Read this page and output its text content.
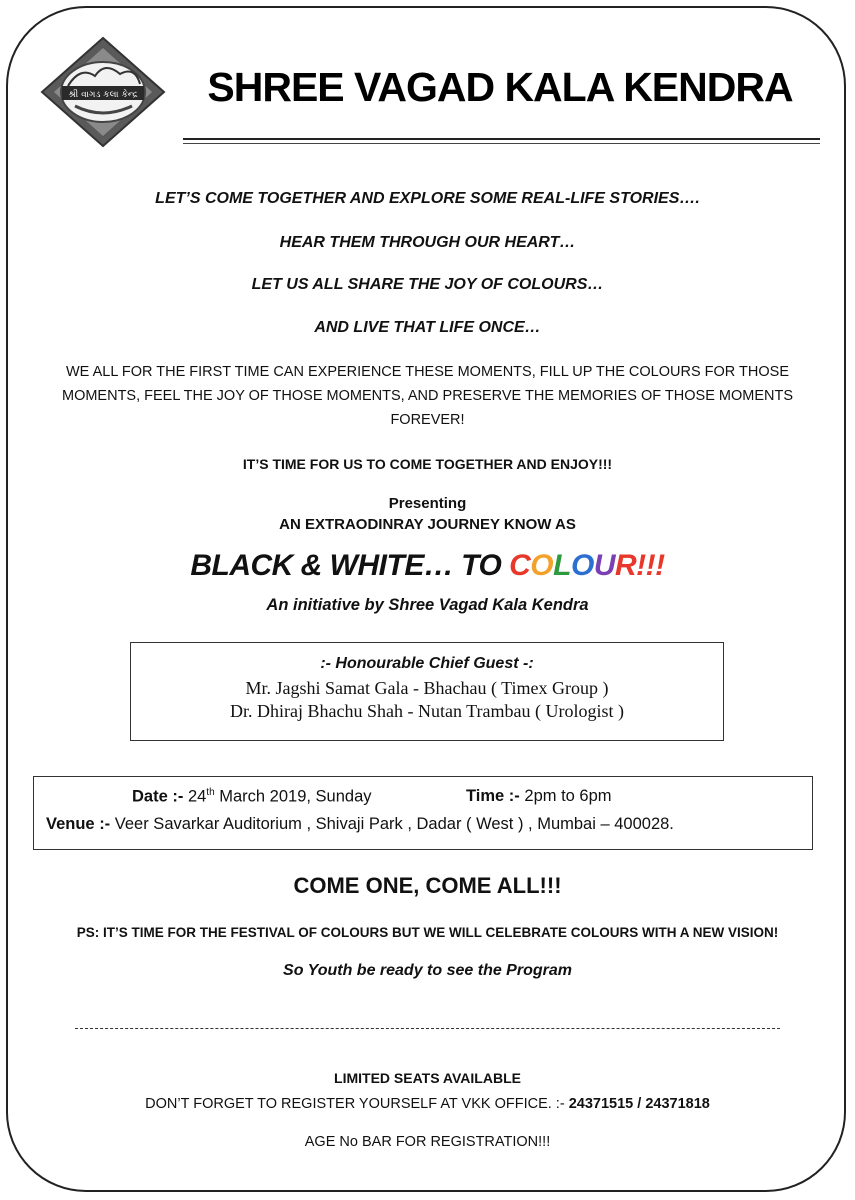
શ્રી વાગડ કલા કેન્દ્ર	SHREE VAGAD KALA KENDRA
LET’S COME TOGETHER AND EXPLORE SOME REAL-LIFE STORIES….
HEAR THEM THROUGH OUR HEART…
LET US ALL SHARE THE JOY OF COLOURS…
AND LIVE THAT LIFE ONCE…
WE ALL FOR THE FIRST TIME CAN EXPERIENCE THESE MOMENTS, FILL UP THE COLOURS FOR THOSE MOMENTS, FEEL THE JOY OF THOSE MOMENTS, AND PRESERVE THE MEMORIES OF THOSE MOMENTS FOREVER!
IT’S TIME FOR US TO COME TOGETHER AND ENJOY!!!
Presenting
AN EXTRAODINRAY JOURNEY KNOW AS
BLACK & WHITE… TO COLOUR!!!
An initiative by Shree Vagad Kala Kendra
:- Honourable Chief Guest -:
Mr. Jagshi Samat Gala - Bhachau ( Timex Group )
Dr. Dhiraj Bhachu Shah - Nutan Trambau ( Urologist )
Date :- 24th March 2019, Sunday	Time :- 2pm to 6pm
Venue :- Veer Savarkar Auditorium , Shivaji Park , Dadar ( West ) , Mumbai – 400028.
COME ONE, COME ALL!!!
PS: IT’S TIME FOR THE FESTIVAL OF COLOURS BUT WE WILL CELEBRATE COLOURS WITH A NEW VISION!
So Youth be ready to see the Program
LIMITED SEATS AVAILABLE
DON’T FORGET TO REGISTER YOURSELF AT VKK OFFICE. :- 24371515 / 24371818
AGE No BAR FOR REGISTRATION!!!
